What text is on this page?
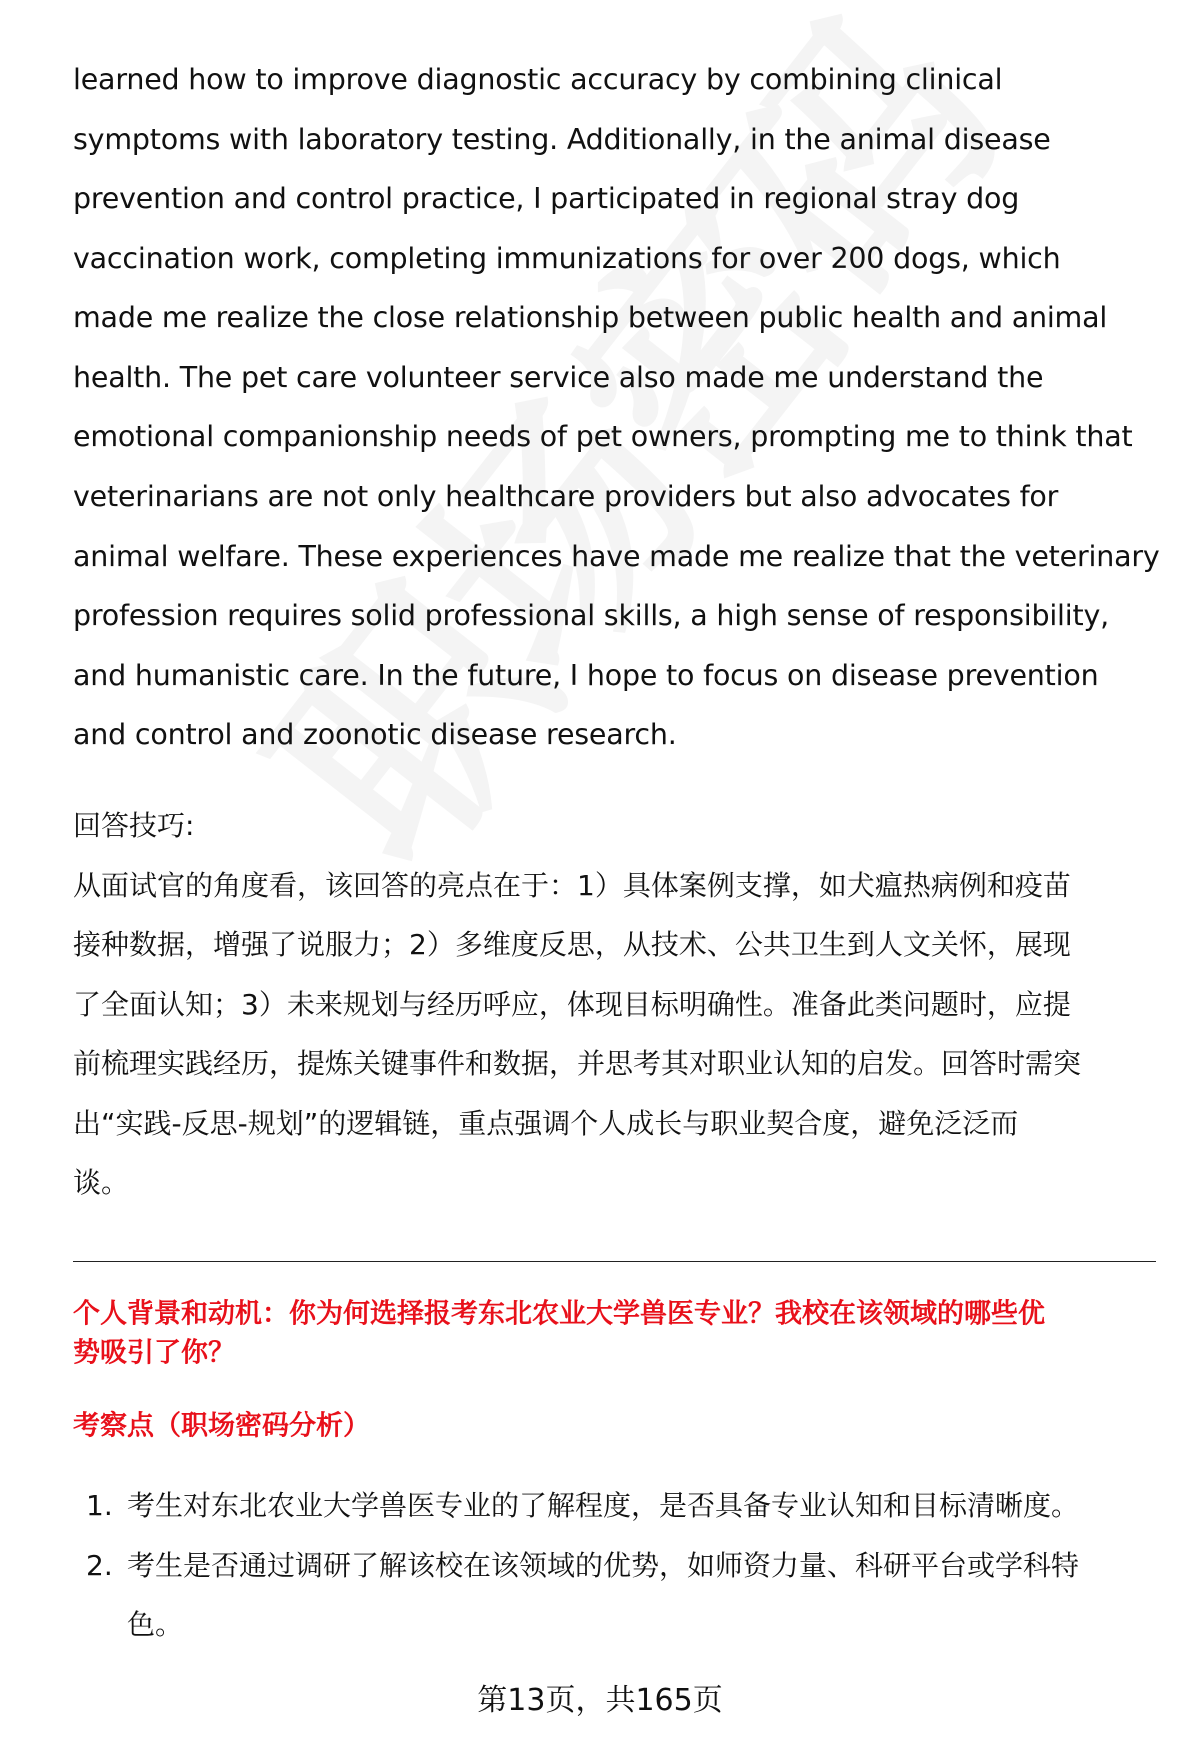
learned how to improve diagnostic accuracy by combining clinical
symptoms with laboratory testing. Additionally, in the animal disease
prevention and control practice, I participated in regional stray dog
vaccination work, completing immunizations for over 200 dogs, which
made me realize the close relationship between public health and animal
health. The pet care volunteer service also made me understand the
emotional companionship needs of pet owners, prompting me to think that
veterinarians are not only healthcare providers but also advocates for
animal welfare. These experiences have made me realize that the veterinary
profession requires solid professional skills, a high sense of responsibility,
and humanistic care. In the future, I hope to focus on disease prevention
and control and zoonotic disease research.
回答技巧:
从面试官的角度看，该回答的亮点在于：1）具体案例支撑，如犬瘟热病例和疫苗
接种数据，增强了说服力；2）多维度反思，从技术、公共卫生到人文关怀，展现
了全面认知；3）未来规划与经历呼应，体现目标明确性。准备此类问题时，应提
前梳理实践经历，提炼关键事件和数据，并思考其对职业认知的启发。回答时需突
出“实践-反思-规划”的逻辑链，重点强调个人成长与职业契合度，避免泛泛而
谈。
个人背景和动机：你为何选择报考东北农业大学兽医专业？我校在该领域的哪些优
势吸引了你？
考察点（职场密码分析）
1. 考生对东北农业大学兽医专业的了解程度，是否具备专业认知和目标清晰度。
2. 考生是否通过调研了解该校在该领域的优势，如师资力量、科研平台或学科特
色。
第13页，共165页
